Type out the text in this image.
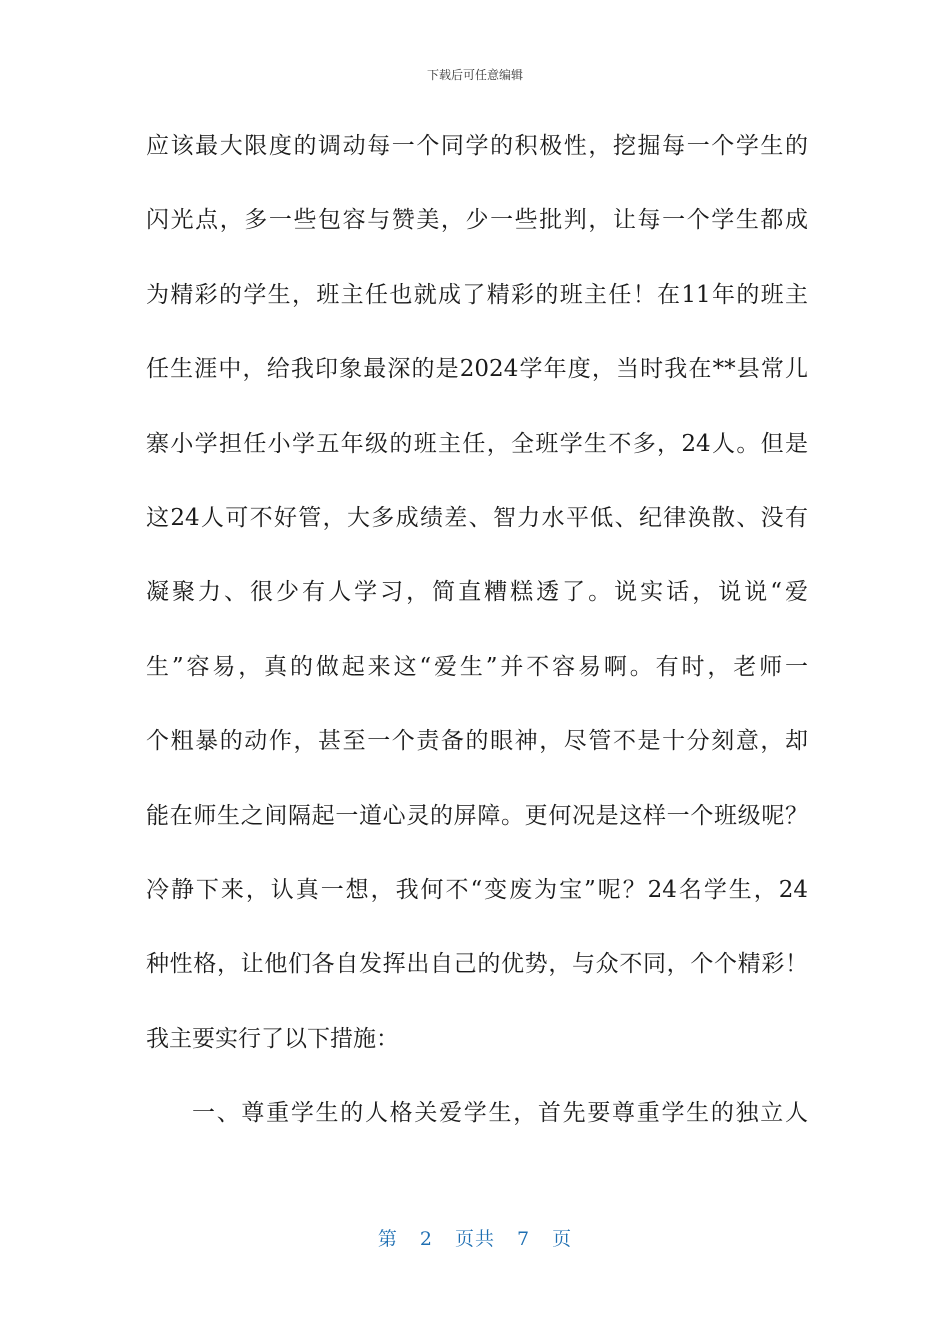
下载后可任意编辑
应该最大限度的调动每一个同学的积极性，挖掘每一个学生的
闪光点，多一些包容与赞美，少一些批判，让每一个学生都成
为精彩的学生，班主任也就成了精彩的班主任！在11年的班主
任生涯中，给我印象最深的是2024学年度，当时我在**县常儿
寨小学担任小学五年级的班主任，全班学生不多，24人。但是
这24人可不好管，大多成绩差、智力水平低、纪律涣散、没有
凝聚力、很少有人学习，简直糟糕透了。说实话，说说“爱
生”容易，真的做起来这“爱生”并不容易啊。有时，老师一
个粗暴的动作，甚至一个责备的眼神，尽管不是十分刻意，却
能在师生之间隔起一道心灵的屏障。更何况是这样一个班级呢？
冷静下来，认真一想，我何不“变废为宝”呢？24名学生，24
种性格，让他们各自发挥出自己的优势，与众不同，个个精彩！
我主要实行了以下措施：
一、尊重学生的人格关爱学生，首先要尊重学生的独立人
第 2 页共 7 页
